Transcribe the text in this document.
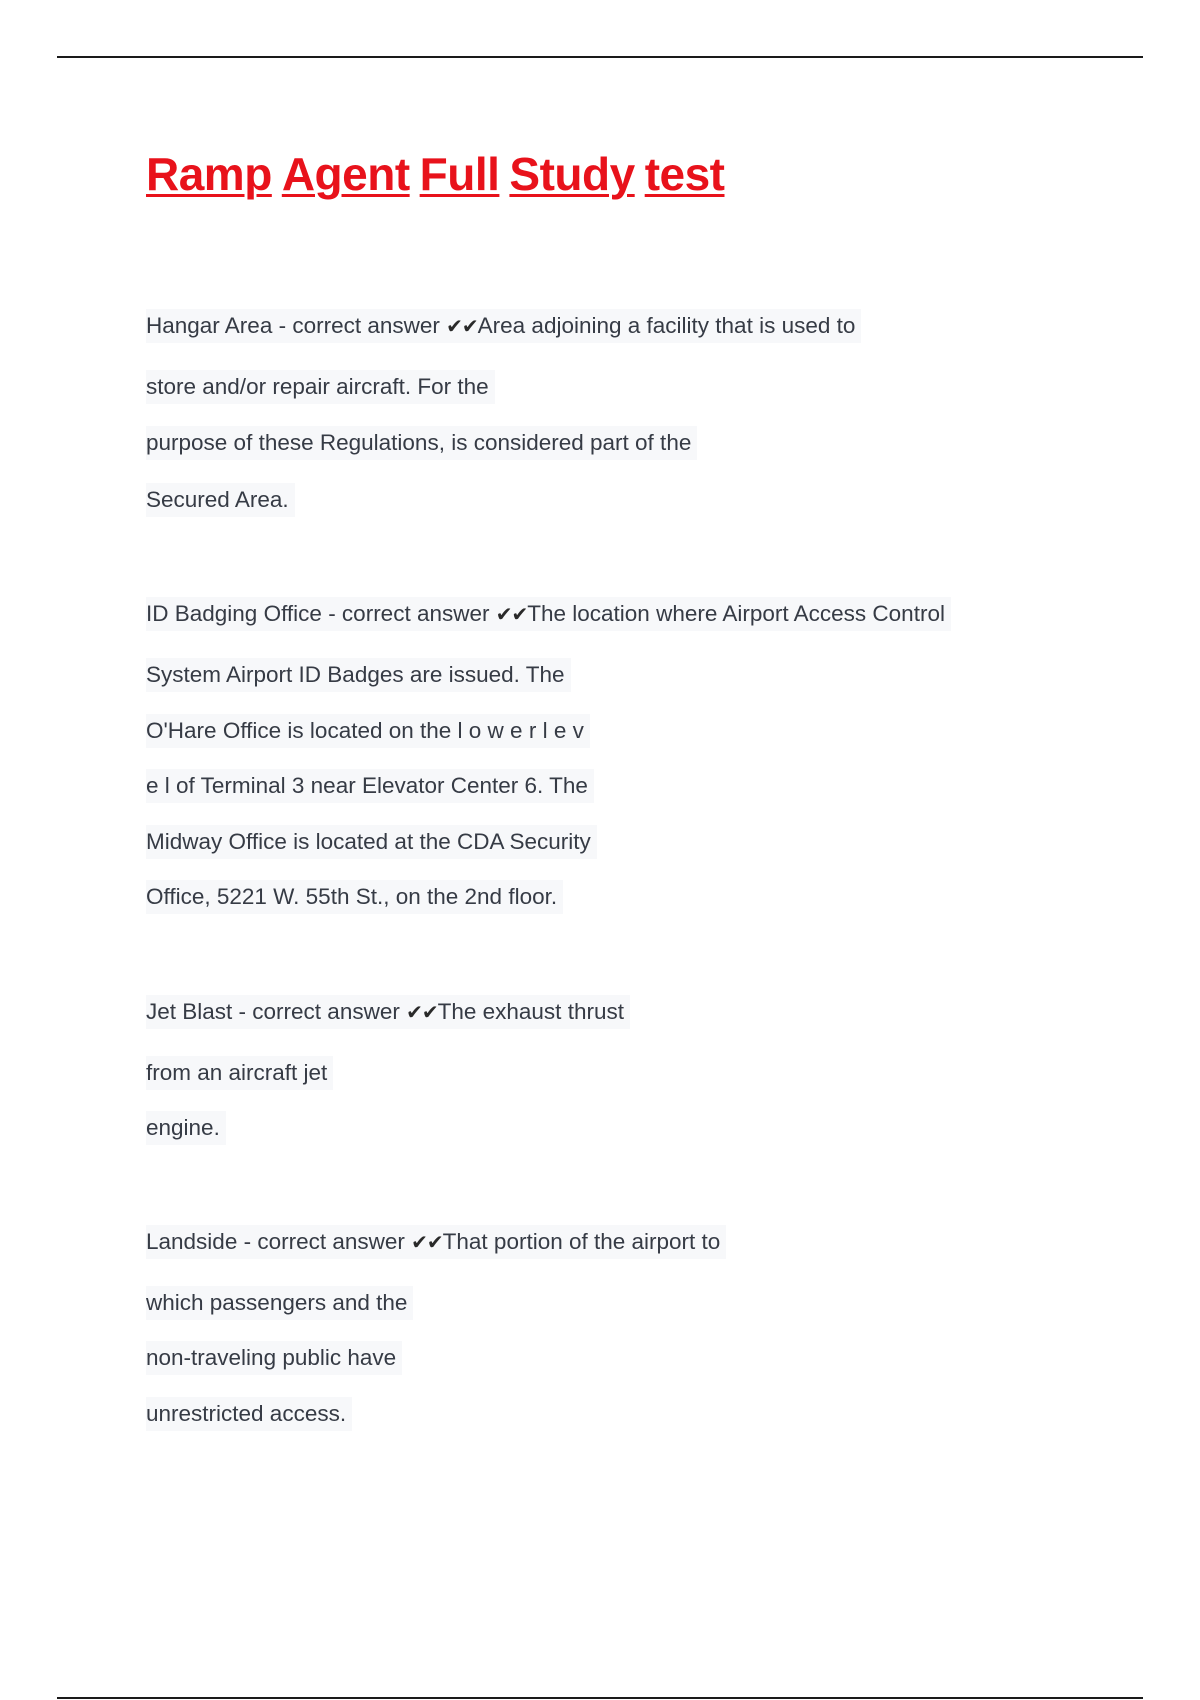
Ramp Agent Full Study test
Hangar Area - correct answer ✔✔Area adjoining a facility that is used to
store and/or repair aircraft. For the
purpose of these Regulations, is considered part of the
Secured Area.
ID Badging Office - correct answer ✔✔The location where Airport Access Control
System Airport ID Badges are issued. The
O'Hare Office is located on the l o w e r l e v
e l of Terminal 3 near Elevator Center 6. The
Midway Office is located at the CDA Security
Office, 5221 W. 55th St., on the 2nd floor.
Jet Blast - correct answer ✔✔The exhaust thrust
from an aircraft jet
engine.
Landside - correct answer ✔✔That portion of the airport to
which passengers and the
non-traveling public have
unrestricted access.
